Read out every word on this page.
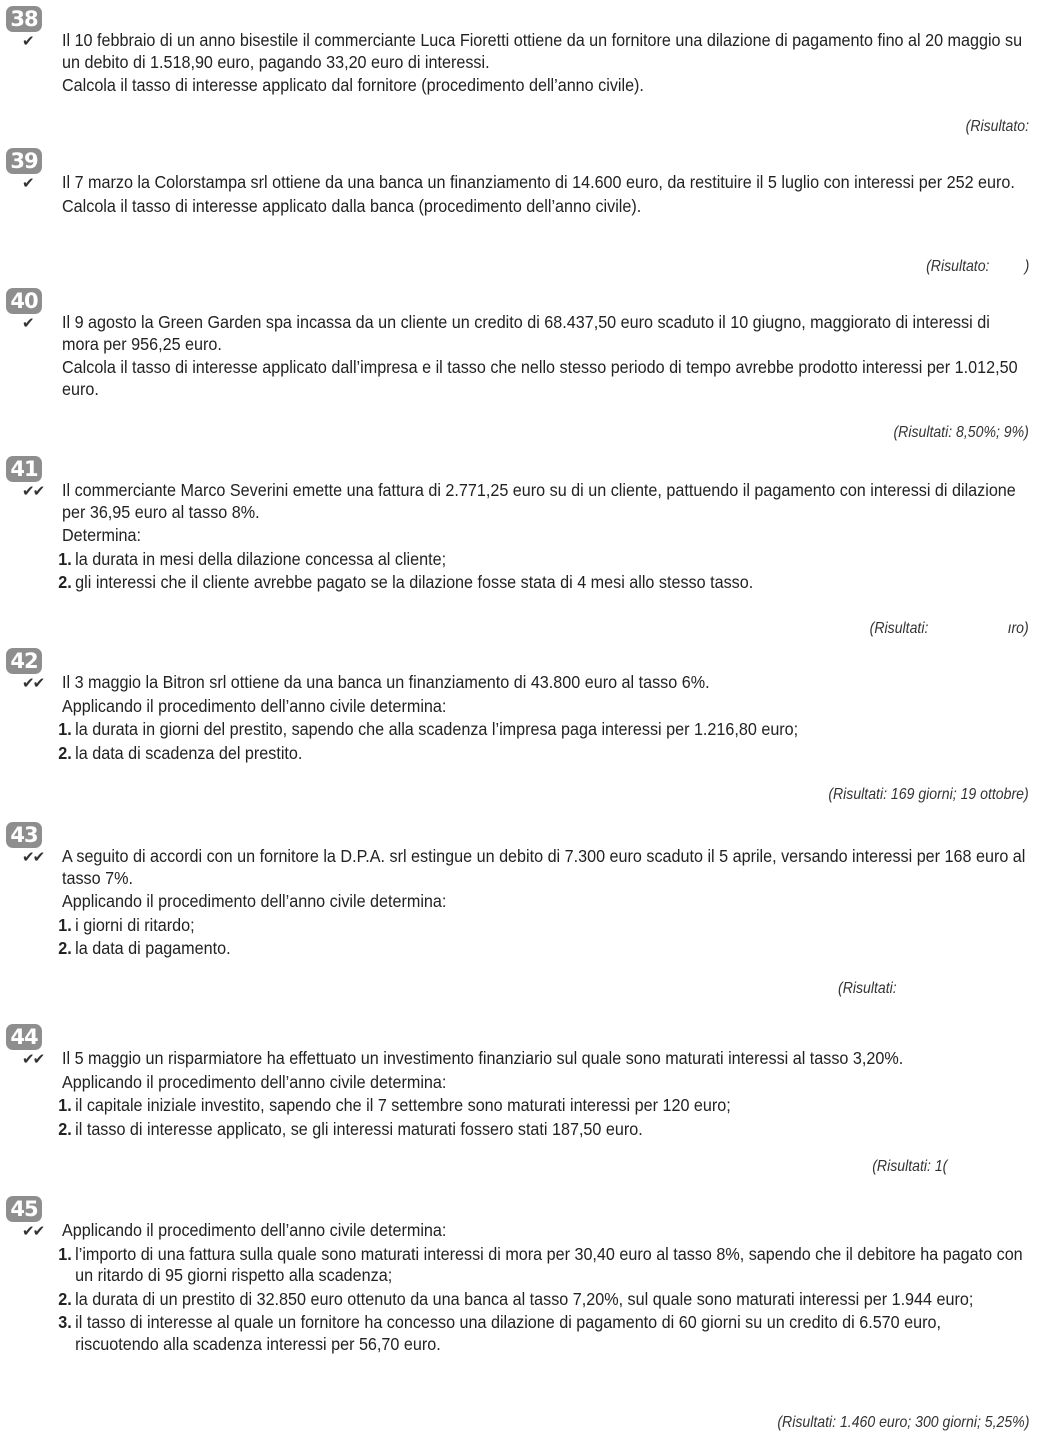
38
✔ Il 10 febbraio di un anno bisestile il commerciante Luca Fioretti ottiene da un fornitore una dilazione di pagamento fino al 20 maggio su un debito di 1.518,90 euro, pagando 33,20 euro di interessi.

Calcola il tasso di interesse applicato dal fornitore (procedimento dell’anno civile).

(Risultato:
39
✔ Il 7 marzo la Colorstampa srl ottiene da una banca un finanziamento di 14.600 euro, da restituire il 5 luglio con interessi per 252 euro.

Calcola il tasso di interesse applicato dalla banca (procedimento dell’anno civile).

(Risultato: )
40
✔ Il 9 agosto la Green Garden spa incassa da un cliente un credito di 68.437,50 euro scaduto il 10 giugno, maggiorato di interessi di mora per 956,25 euro.

Calcola il tasso di interesse applicato dall’impresa e il tasso che nello stesso periodo di tempo avrebbe prodotto interessi per 1.012,50 euro.

(Risultati: 8,50%; 9%)
41
✔✔ Il commerciante Marco Severini emette una fattura di 2.771,25 euro su di un cliente, pattuendo il pagamento con interessi di dilazione per 36,95 euro al tasso 8%.

Determina:

1. la durata in mesi della dilazione concessa al cliente;

2. gli interessi che il cliente avrebbe pagato se la dilazione fosse stata di 4 mesi allo stesso tasso.

(Risultati:	ıro)
42
✔✔ Il 3 maggio la Bitron srl ottiene da una banca un finanziamento di 43.800 euro al tasso 6%.

Applicando il procedimento dell’anno civile determina:

1. la durata in giorni del prestito, sapendo che alla scadenza l’impresa paga interessi per 1.216,80 euro;

2. la data di scadenza del prestito.

(Risultati: 169 giorni; 19 ottobre)
43
✔✔ A seguito di accordi con un fornitore la D.P.A. srl estingue un debito di 7.300 euro scaduto il 5 aprile, versando interessi per 168 euro al tasso 7%.

Applicando il procedimento dell’anno civile determina:

1. i giorni di ritardo;

2. la data di pagamento.

(Risultati:
44
✔✔ Il 5 maggio un risparmiatore ha effettuato un investimento finanziario sul quale sono maturati interessi al tasso 3,20%.

Applicando il procedimento dell’anno civile determina:

1. il capitale iniziale investito, sapendo che il 7 settembre sono maturati interessi per 120 euro;

2. il tasso di interesse applicato, se gli interessi maturati fossero stati 187,50 euro.

(Risultati: 1(
45
✔✔ Applicando il procedimento dell’anno civile determina:

1. l’importo di una fattura sulla quale sono maturati interessi di mora per 30,40 euro al tasso 8%, sapendo che il debitore ha pagato con un ritardo di 95 giorni rispetto alla scadenza;

2. la durata di un prestito di 32.850 euro ottenuto da una banca al tasso 7,20%, sul quale sono maturati interessi per 1.944 euro;

3. il tasso di interesse al quale un fornitore ha concesso una dilazione di pagamento di 60 giorni su un credito di 6.570 euro, riscuotendo alla scadenza interessi per 56,70 euro.

(Risultati: 1.460 euro; 300 giorni; 5,25%)
